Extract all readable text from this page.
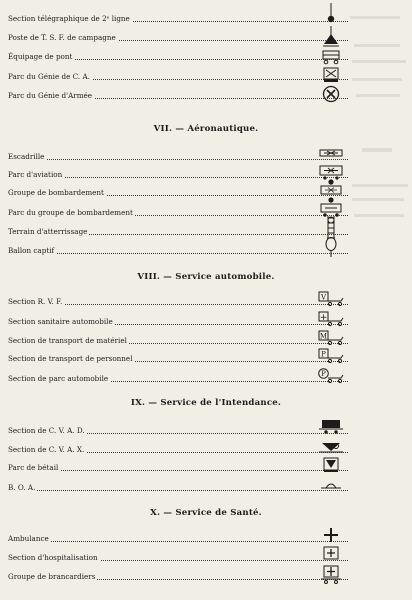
Section télégraphique de 2ᵉ ligne
Poste de T. S. F. de campagne
Équipage de pont
Parc du Génie de C. A.
Parc du Génie d'Armée
VII. — Aéronautique.
Escadrille
Parc d'aviation
Groupe de bombardement
Parc du groupe de bombardement
Terrain d'atterrissage
Ballon captif
VIII. — Service automobile.
Section R. V. F.
Section sanitaire automobile
Section de transport de matériel
Section de transport de personnel
Section de parc automobile
V
+
M
P
P
IX. — Service de l'Intendance.
Section de C. V. A. D.
Section de C. V. A. X.
Parc de bétail
B. O. A.
X. — Service de Santé.
Ambulance
Section d'hospitalisation
Groupe de brancardiers
